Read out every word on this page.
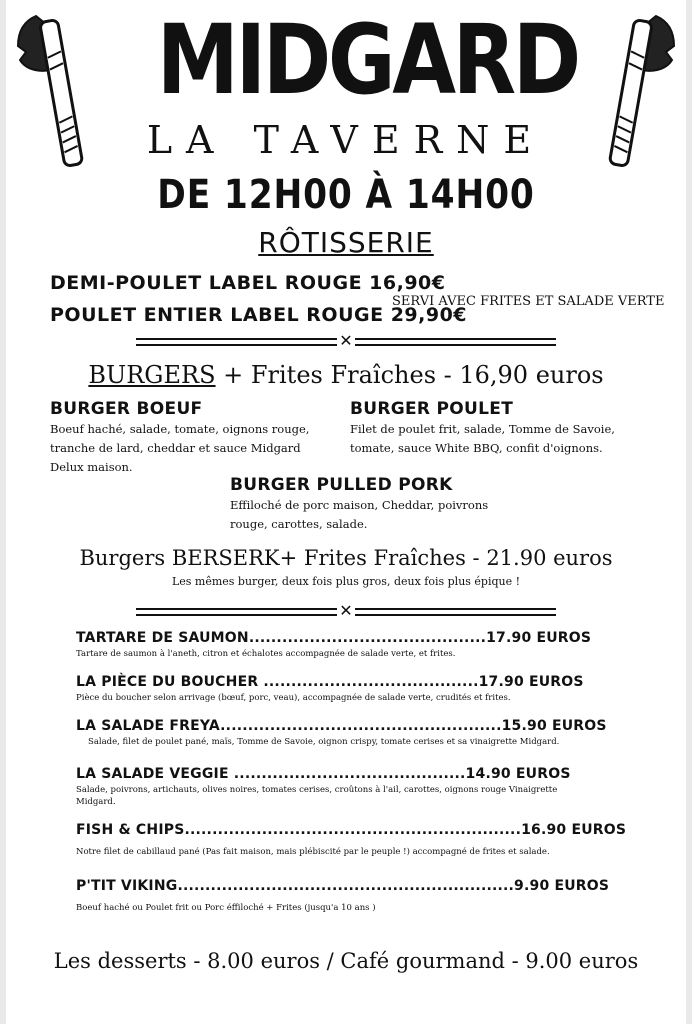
MIDGARD
LA TAVERNE
DE 12H00 À 14H00
RÔTISSERIE
DEMI-POULET LABEL ROUGE 16,90€
POULET ENTIER LABEL ROUGE 29,90€
SERVI AVEC FRITES ET SALADE VERTE
✕
BURGERS + Frites Fraîches - 16,90 euros
BURGER BOEUF
Boeuf haché, salade, tomate, oignons rouge,
tranche de lard, cheddar et sauce Midgard
Delux maison.
BURGER POULET
Filet de poulet frit, salade, Tomme de Savoie,
tomate, sauce White BBQ, confit d'oignons.
BURGER PULLED PORK
Effiloché de porc maison, Cheddar, poivrons
rouge, carottes, salade.
Burgers BERSERK+ Frites Fraîches - 21.90 euros
Les mêmes burger, deux fois plus gros, deux fois plus épique !
✕
TARTARE DE SAUMON...........................................17.90 EUROS
Tartare de saumon à l'aneth, citron et échalotes accompagnée de salade verte, et frites.
LA PIÈCE DU BOUCHER .......................................17.90 EUROS
Pièce du boucher selon arrivage (bœuf, porc, veau), accompagnée de salade verte, crudités et frites.
LA SALADE FREYA...................................................15.90 EUROS
Salade, filet de poulet pané, maïs, Tomme de Savoie, oignon crispy, tomate cerises et sa vinaigrette Midgard.
LA SALADE VEGGIE ..........................................14.90 EUROS
Salade, poivrons, artichauts, olives noires, tomates cerises, croûtons à l'ail, carottes, oignons rouge Vinaigrette
Midgard.
FISH & CHIPS.............................................................16.90 EUROS
Notre filet de cabillaud pané (Pas fait maison, mais plébiscité par le peuple !) accompagné de frites et salade.
P'TIT VIKING.............................................................9.90 EUROS
Boeuf haché ou Poulet frit ou Porc éffiloché + Frites (jusqu'a 10 ans )
Les desserts - 8.00 euros / Café gourmand - 9.00 euros
